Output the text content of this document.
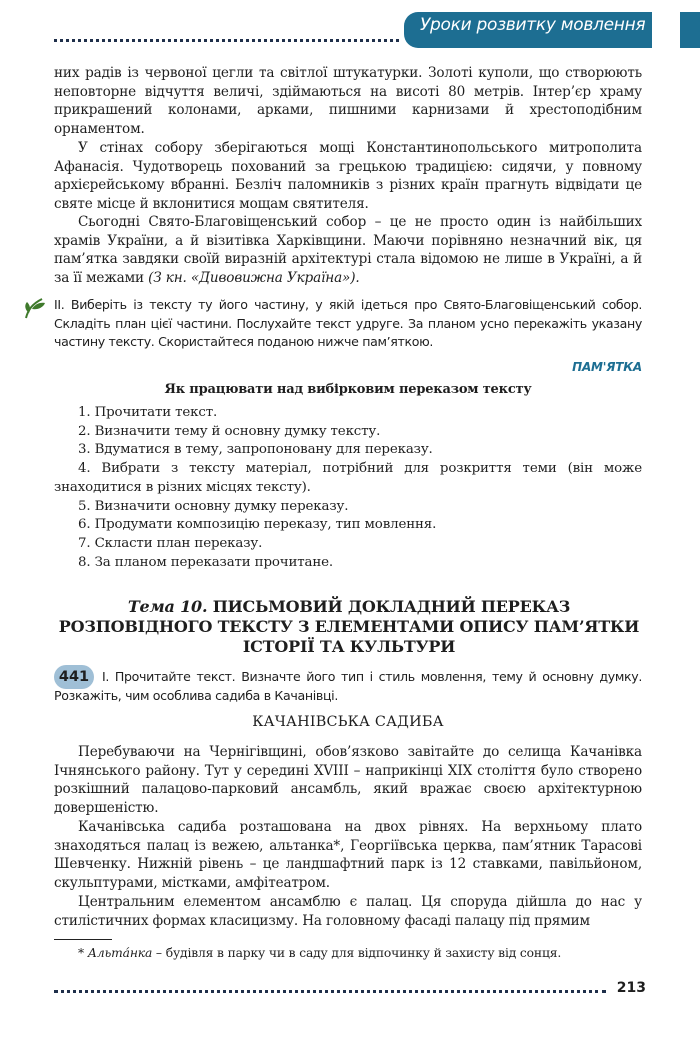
Уроки розвитку мовлення
них радів із червоної цегли та світлої штукатурки. Золоті куполи, що створюють неповторне відчуття величі, здіймаються на висоті 80 метрів. Інтер’єр храму прикрашений колонами, арками, пишними карнизами й хрестоподібним орнаментом.
У стінах собору зберігаються мощі Константинопольського митрополита Афанасія. Чудотворець похований за грецькою традицією: сидячи, у повному архієрейському вбранні. Безліч паломників з різних країн прагнуть відвідати це святе місце й вклонитися мощам святителя.
Сьогодні Свято-Благовіщенський собор – це не просто один із найбільших храмів України, а й візитівка Харківщини. Маючи порівняно незначний вік, ця пам’ятка завдяки своїй виразній архітектурі стала відомою не лише в Україні, а й за її межами (З кн. «Дивовижна Україна»).
ІІ. Виберіть із тексту ту його частину, у якій ідеться про Свято-Благовіщенський собор. Складіть план цієї частини. Послухайте текст удруге. За планом усно перекажіть указану частину тексту. Скористайтеся поданою нижче пам’яткою.
ПАМ'ЯТКА
Як працювати над вибірковим переказом тексту
1. Прочитати текст.
2. Визначити тему й основну думку тексту.
3. Вдуматися в тему, запропоновану для переказу.
4. Вибрати з тексту матеріал, потрібний для розкриття теми (він може знаходитися в різних місцях тексту).
5. Визначити основну думку переказу.
6. Продумати композицію переказу, тип мовлення.
7. Скласти план переказу.
8. За планом переказати прочитане.
Тема 10. ПИСЬМОВИЙ ДОКЛАДНИЙ ПЕРЕКАЗ РОЗПОВІДНОГО ТЕКСТУ З ЕЛЕМЕНТАМИ ОПИСУ ПАМ’ЯТКИ ІСТОРІЇ ТА КУЛЬТУРИ
441	І. Прочитайте текст. Визначте його тип і стиль мовлення, тему й основну думку. Розкажіть, чим особлива садиба в Качанівці.
КАЧАНІВСЬКА САДИБА
Перебуваючи на Чернігівщині, обов’язково завітайте до селища Качанівка Ічнянського району. Тут у середині XVIII – наприкінці XIX століття було створено розкішний палацово-парковий ансамбль, який вражає своєю архітектурною довершеністю.
Качанівська садиба розташована на двох рівнях. На верхньому плато знаходяться палац із вежею, альтанка*, Георгіївська церква, пам’ятник Тарасові Шевченку. Нижній рівень – це ландшафтний парк із 12 ставками, павільйоном, скульптурами, містками, амфітеатром.
Центральним елементом ансамблю є палац. Ця споруда дійшла до нас у стилістичних формах класицизму. На головному фасаді палацу під прямим
* Альта́нка – будівля в парку чи в саду для відпочинку й захисту від сонця.
213
